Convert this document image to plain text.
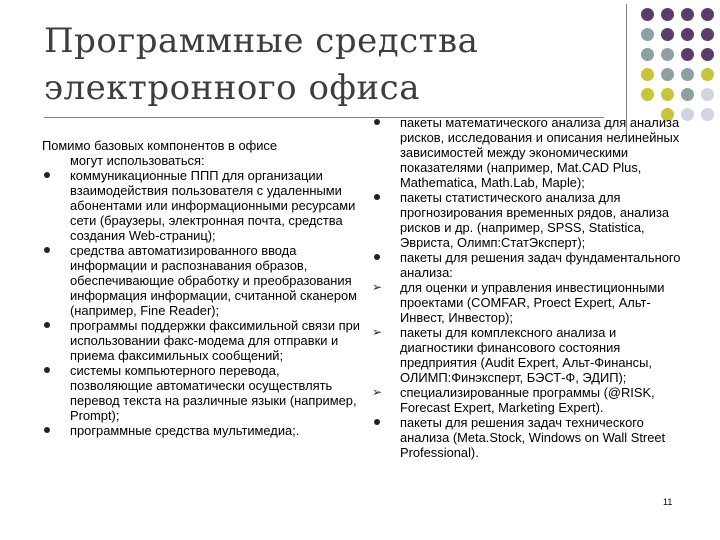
Программные средства
электронного офиса
Помимо базовых компонентов в офисе
могут использоваться:
коммуникационные ППП для организации взаимодействия пользователя с удаленными абонентами или информационными ресурсами сети (браузеры, электронная почта, средства создания Web-страниц);
средства автоматизированного ввода информации и распознавания образов, обеспечивающие обработку и преобразования информация информации, считанной сканером (например, Fine Reader);
программы поддержки факсимильной связи при использовании факс-модема для отправки и приема факсимильных сообщений;
системы компьютерного перевода, позволяющие автоматически осуществлять перевод текста на различные языки (например, Prompt);
программные средства мультимедиа;.
пакеты математического анализа для анализа рисков, исследования и описания нелинейных зависимостей между экономическими показателями (например, Mat.CAD Plus, Mathematica, Math.Lab, Maple);
пакеты статистического анализа для прогнозирования временных рядов, анализа рисков и др. (например, SPSS, Statistica, Эвриста, Олимп:СтатЭксперт);
пакеты для решения задач фундаментального анализа:
➢ для оценки и управления инвестиционными проектами (COMFAR, Proect Expert, Альт-Инвест, Инвестор);
➢ пакеты для комплексного анализа и диагностики финансового состояния предприятия (Audit Expert, Альт-Финансы, ОЛИМП:Финэксперт, БЭСТ-Ф, ЭДИП);
➢ специализированные программы (@RISK, Forecast Expert, Marketing Expert).
пакеты для решения задач технического анализа (Meta.Stock, Windows on Wall Street Professional).
11
